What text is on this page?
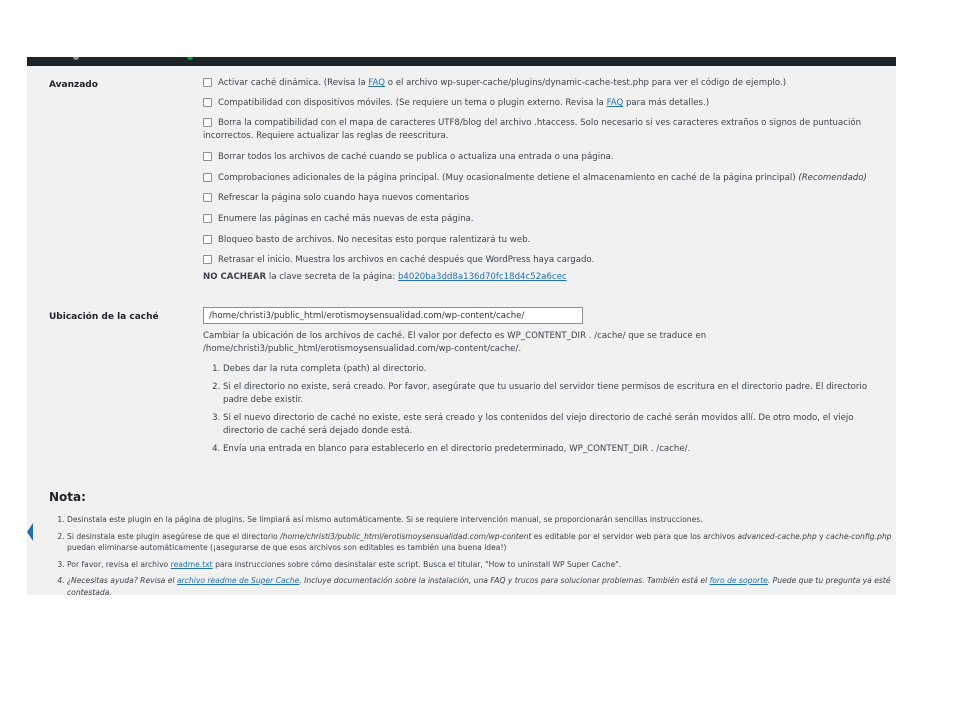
Avanzado	Activar caché dinámica. (Revisa la FAQ o el archivo wp-super-cache/plugins/dynamic-cache-test.php para ver el código de ejemplo.)
Compatibilidad con dispositivos móviles. (Se requiere un tema o plugin externo. Revisa la FAQ para más detalles.)
Borra la compatibilidad con el mapa de caracteres UTF8/blog del archivo .htaccess. Solo necesario si ves caracteres extraños o signos de puntuación incorrectos. Requiere actualizar las reglas de reescritura.
Borrar todos los archivos de caché cuando se publica o actualiza una entrada o una página.
Comprobaciones adicionales de la página principal. (Muy ocasionalmente detiene el almacenamiento en caché de la página principal) (Recomendado)
Refrescar la página solo cuando haya nuevos comentarios
Enumere las páginas en caché más nuevas de esta página.
Bloqueo basto de archivos. No necesitas esto porque ralentizará tu web.
Retrasar el inicio. Muestra los archivos en caché después que WordPress haya cargado.
NO CACHEAR la clave secreta de la página: b4020ba3dd8a136d70fc18d4c52a6cec
Ubicación de la caché
/home/christi3/public_html/erotismoysensualidad.com/wp-content/cache/
Cambiar la ubicación de los archivos de caché. El valor por defecto es WP_CONTENT_DIR . /cache/ que se traduce en /home/christi3/public_html/erotismoysensualidad.com/wp-content/cache/.
1. Debes dar la ruta completa (path) al directorio.
2. Si el directorio no existe, será creado. Por favor, asegúrate que tu usuario del servidor tiene permisos de escritura en el directorio padre. El directorio padre debe existir.
3. Si el nuevo directorio de caché no existe, este será creado y los contenidos del viejo directorio de caché serán movidos allí. De otro modo, el viejo directorio de caché será dejado donde está.
4. Envía una entrada en blanco para establecerlo en el directorio predeterminado, WP_CONTENT_DIR . /cache/.
Nota:
1. Desinstala este plugin en la página de plugins. Se limpiará así mismo automáticamente. Si se requiere intervención manual, se proporcionarán sencillas instrucciones.
2. Si desinstala este plugin asegúrese de que el directorio /home/christi3/public_html/erotismoysensualidad.com/wp-content es editable por el servidor web para que los archivos advanced-cache.php y cache-config.php puedan eliminarse automáticamente (¡asegurarse de que esos archivos son editables es también una buena idea!)
3. Por favor, revisa el archivo readme.txt para instrucciones sobre cómo desinstalar este script. Busca el titular, "How to uninstall WP Super Cache".
4. ¿Necesitas ayuda? Revisa el archivo readme de Super Cache. Incluye documentación sobre la instalación, una FAQ y trucos para solucionar problemas. También está el foro de soporte. Puede que tu pregunta ya esté contestada.
